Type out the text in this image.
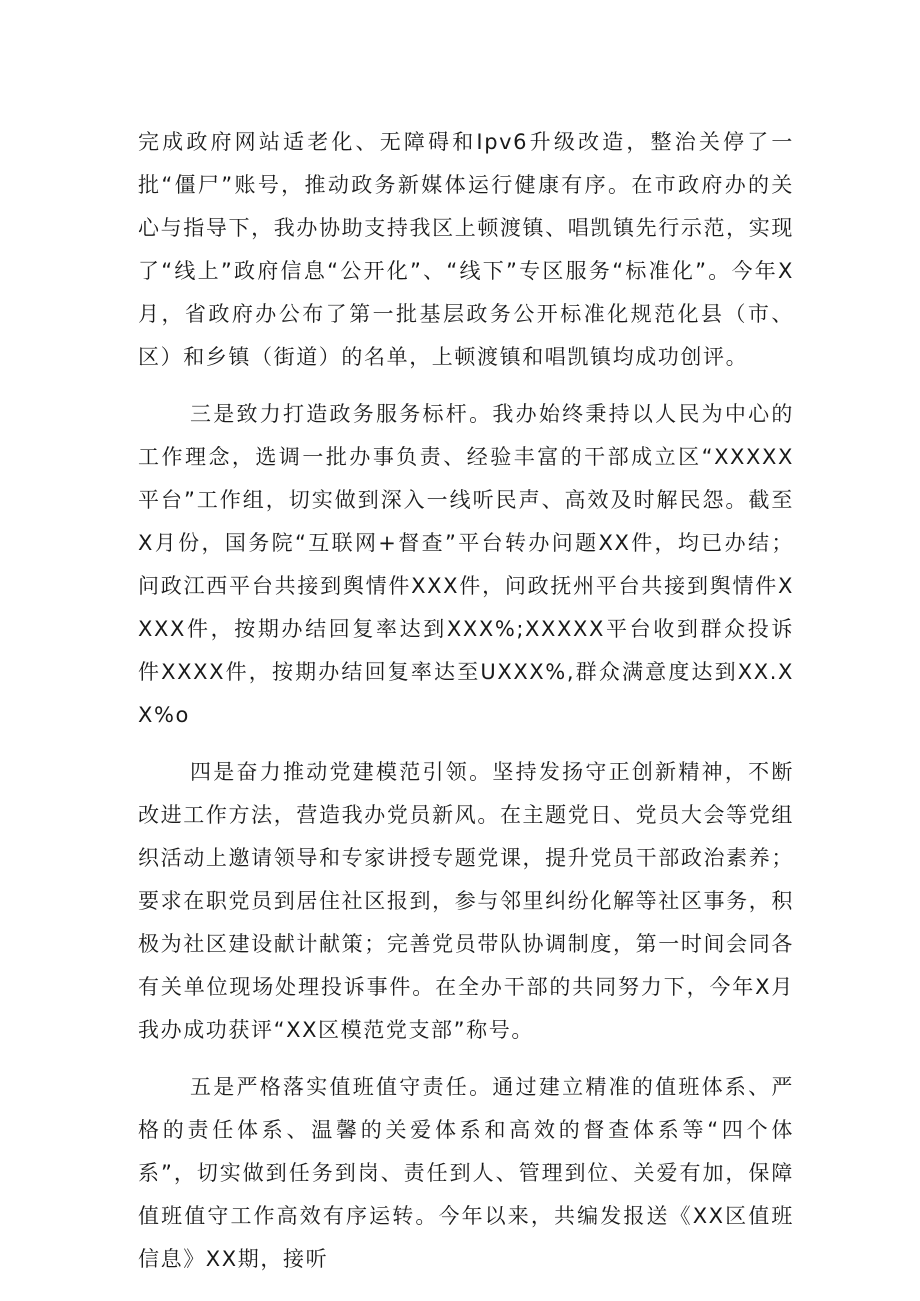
完成政府网站适老化、无障碍和Ipv6升级改造，整治关停了一批“僵尸”账号，推动政务新媒体运行健康有序。在市政府办的关心与指导下，我办协助支持我区上顿渡镇、唱凯镇先行示范，实现了“线上”政府信息“公开化”、“线下”专区服务“标准化”。今年X月，省政府办公布了第一批基层政务公开标准化规范化县（市、区）和乡镇（街道）的名单，上顿渡镇和唱凯镇均成功创评。

三是致力打造政务服务标杆。我办始终秉持以人民为中心的工作理念，选调一批办事负责、经验丰富的干部成立区“XXXXX平台”工作组，切实做到深入一线听民声、高效及时解民怨。截至X月份，国务院“互联网+督查”平台转办问题XX件，均已办结；问政江西平台共接到舆情件XXX件，问政抚州平台共接到舆情件XXXX件，按期办结回复率达到XXX%;XXXXX平台收到群众投诉件XXXX件，按期办结回复率达至UXXX%,群众满意度达到XX.XX%o

四是奋力推动党建模范引领。坚持发扬守正创新精神，不断改进工作方法，营造我办党员新风。在主题党日、党员大会等党组织活动上邀请领导和专家讲授专题党课，提升党员干部政治素养；要求在职党员到居住社区报到，参与邻里纠纷化解等社区事务，积极为社区建设献计献策；完善党员带队协调制度，第一时间会同各有关单位现场处理投诉事件。在全办干部的共同努力下，今年X月我办成功获评“XX区模范党支部”称号。

五是严格落实值班值守责任。通过建立精准的值班体系、严格的责任体系、温馨的关爱体系和高效的督查体系等“四个体系”，切实做到任务到岗、责任到人、管理到位、关爱有加，保障值班值守工作高效有序运转。今年以来，共编发报送《XX区值班信息》XX期，接听
